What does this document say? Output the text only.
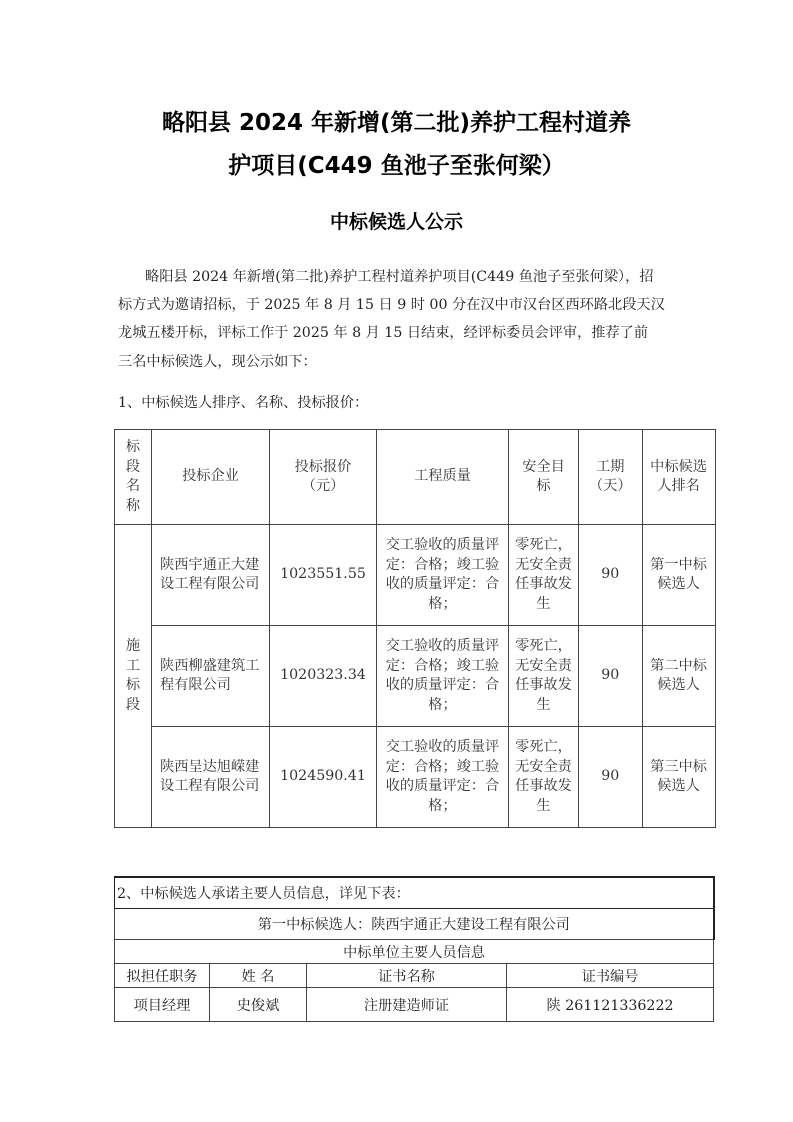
略阳县 2024 年新增(第二批)养护工程村道养
护项目(C449 鱼池子至张何梁）
中标候选人公示
略阳县 2024 年新增(第二批)养护工程村道养护项目(C449 鱼池子至张何梁），招
标方式为邀请招标，于 2025 年 8 月 15 日 9 时 00 分在汉中市汉台区西环路北段天汉
龙城五楼开标，评标工作于 2025 年 8 月 15 日结束，经评标委员会评审，推荐了前
三名中标候选人，现公示如下：
1、中标候选人排序、名称、投标报价：
标段名称	投标企业	投标报价（元）	工程质量	安全目标	工期（天）	中标候选人排名
施工标段	陕西宇通正大建设工程有限公司	1023551.55	交工验收的质量评定：合格；竣工验收的质量评定：合格；	零死亡，无安全责任事故发生	90	第一中标候选人
	陕西柳盛建筑工程有限公司	1020323.34	交工验收的质量评定：合格；竣工验收的质量评定：合格；	零死亡，无安全责任事故发生	90	第二中标候选人
	陕西呈达旭嵘建设工程有限公司	1024590.41	交工验收的质量评定：合格；竣工验收的质量评定：合格；	零死亡，无安全责任事故发生	90	第三中标候选人
2、中标候选人承诺主要人员信息，详见下表：			
第一中标候选人：陕西宇通正大建设工程有限公司			
中标单位主要人员信息			
拟担任职务	姓 名	证书名称	证书编号
项目经理	史俊斌	注册建造师证	陕 261121336222
